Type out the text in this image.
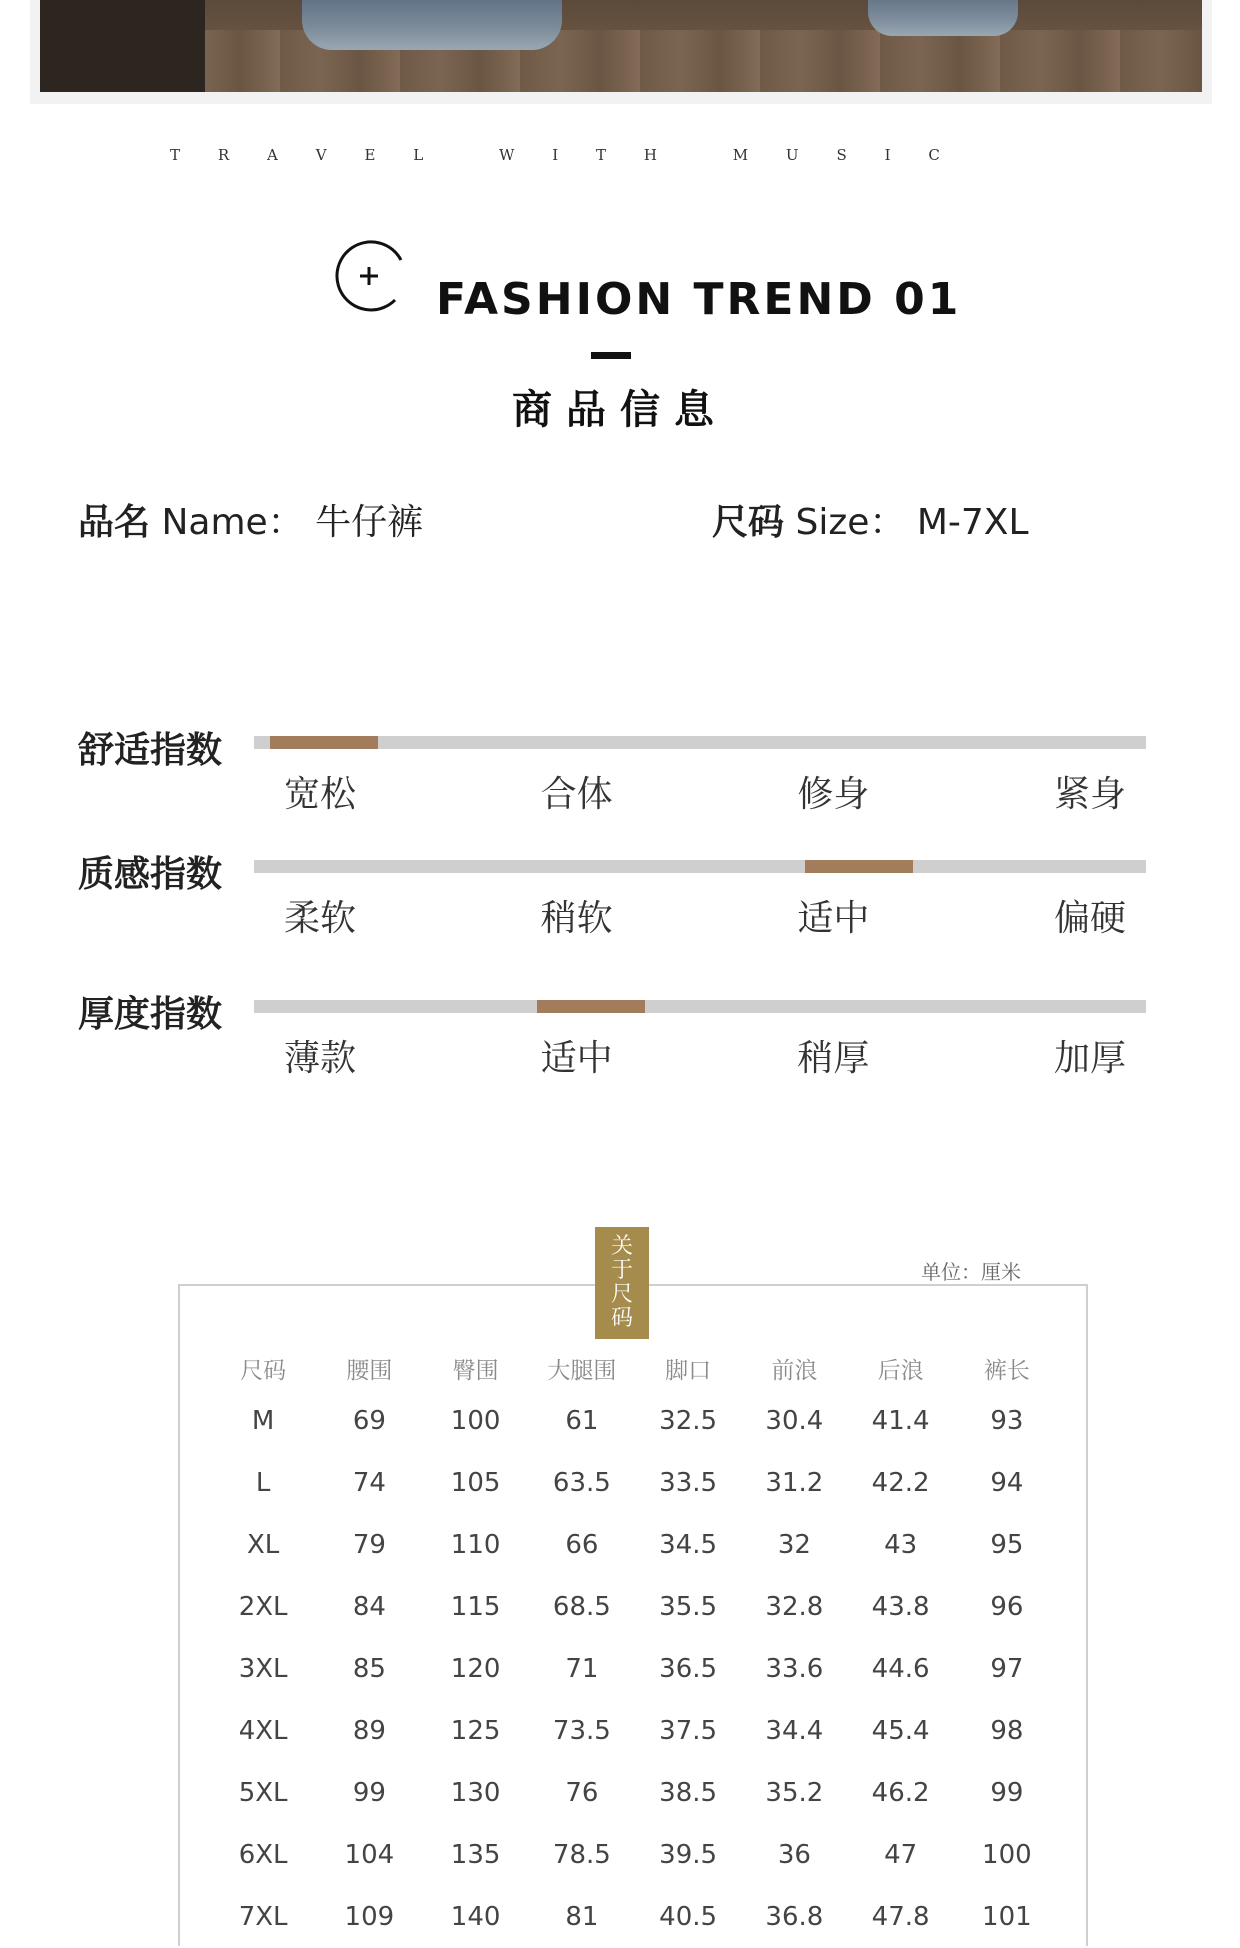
T	R	A	V	E	L	W	I	T	H	M	U	S	I	C
FASHION TREND 01
商品信息
品名 Name： 牛仔裤	尺码 Size： M-7XL
舒适指数
宽松	合体	修身	紧身
质感指数
柔软	稍软	适中	偏硬
厚度指数
薄款	适中	稍厚	加厚
单位：厘米
关
于
尺
码
尺码	腰围	臀围	大腿围	脚口	前浪	后浪	裤长
M	69	100	61	32.5	30.4	41.4	93
L	74	105	63.5	33.5	31.2	42.2	94
XL	79	110	66	34.5	32	43	95
2XL	84	115	68.5	35.5	32.8	43.8	96
3XL	85	120	71	36.5	33.6	44.6	97
4XL	89	125	73.5	37.5	34.4	45.4	98
5XL	99	130	76	38.5	35.2	46.2	99
6XL	104	135	78.5	39.5	36	47	100
7XL	109	140	81	40.5	36.8	47.8	101
